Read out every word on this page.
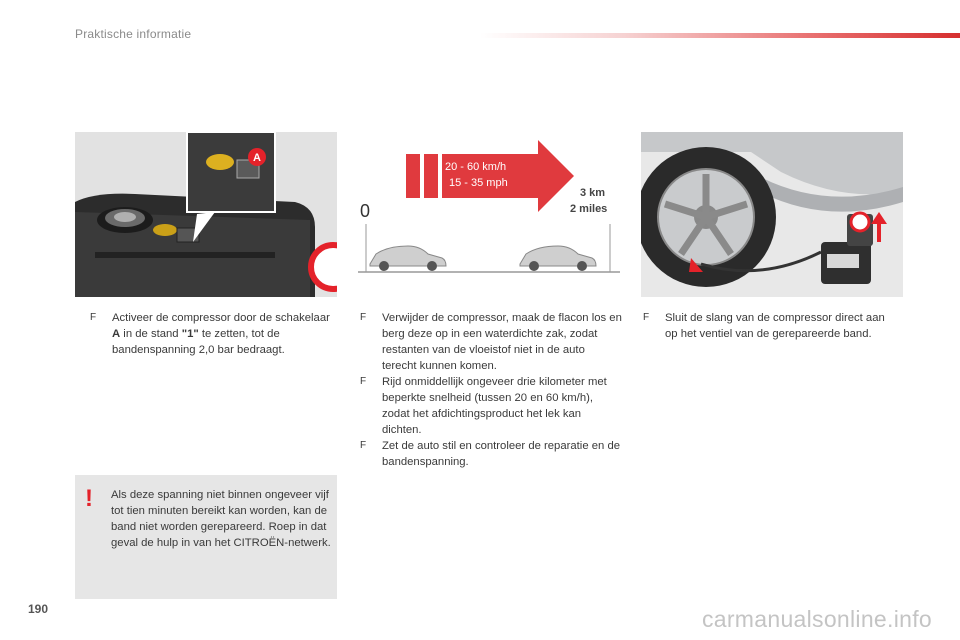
Praktische informatie
A
20 - 60 km/h
15 - 35 mph
0
3 km
2 miles
F Activeer de compressor door de schakelaar A in de stand "1" te zetten, tot de bandenspanning 2,0 bar bedraagt.
F Verwijder de compressor, maak de flacon los en berg deze op in een waterdichte zak, zodat restanten van de vloeistof niet in de auto terecht kunnen komen.
F Rijd onmiddellijk ongeveer drie kilometer met beperkte snelheid (tussen 20 en 60 km/h), zodat het afdichtingsproduct het lek kan dichten.
F Zet de auto stil en controleer de reparatie en de bandenspanning.
F Sluit de slang van de compressor direct aan op het ventiel van de gerepareerde band.
! Als deze spanning niet binnen ongeveer vijf tot tien minuten bereikt kan worden, kan de band niet worden gerepareerd. Roep in dat geval de hulp in van het CITROËN-netwerk.
190	carmanualsonline.info
